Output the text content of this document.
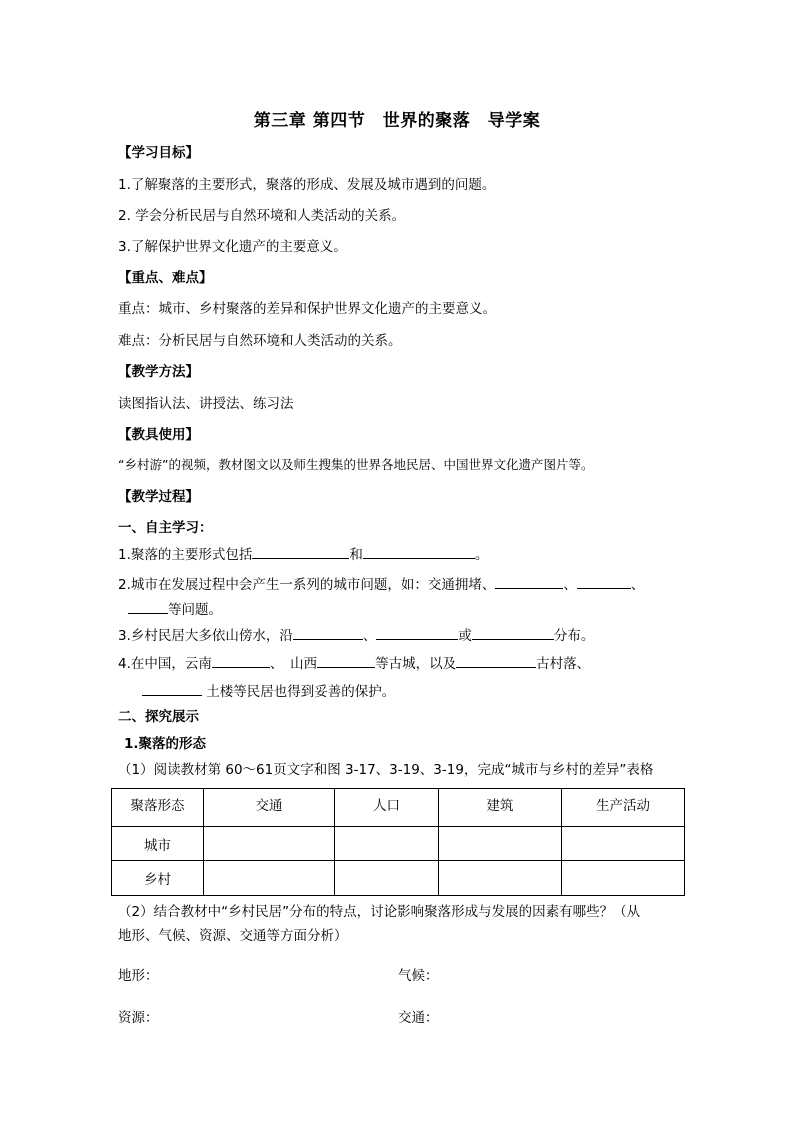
第三章 第四节　世界的聚落　导学案
【学习目标】
1.了解聚落的主要形式，聚落的形成、发展及城市遇到的问题。
2. 学会分析民居与自然环境和人类活动的关系。
3.了解保护世界文化遗产的主要意义。
【重点、难点】
重点：城市、乡村聚落的差异和保护世界文化遗产的主要意义。
难点：分析民居与自然环境和人类活动的关系。
【教学方法】
读图指认法、讲授法、练习法
【教具使用】
“乡村游”的视频，教材图文以及师生搜集的世界各地民居、中国世界文化遗产图片等。
【教学过程】
一、自主学习：
1.聚落的主要形式包括	和	。
2.城市在发展过程中会产生一系列的城市问题，如：交通拥堵、	、	、
等问题。
3.乡村民居大多依山傍水，沿	、	或	分布。
4.在中国，云南	、　山西	等古城，以及	古村落、
土楼等民居也得到妥善的保护。
二、探究展示
1.聚落的形态
（1）阅读教材第 60～61页文字和图 3-17、3-19、3-19，完成“城市与乡村的差异”表格
聚落形态	交通	人口	建筑	生产活动
城市				
乡村				
（2）结合教材中“乡村民居”分布的特点，讨论影响聚落形成与发展的因素有哪些？（从
地形、气候、资源、交通等方面分析）
地形：	气候：
资源：	交通：
